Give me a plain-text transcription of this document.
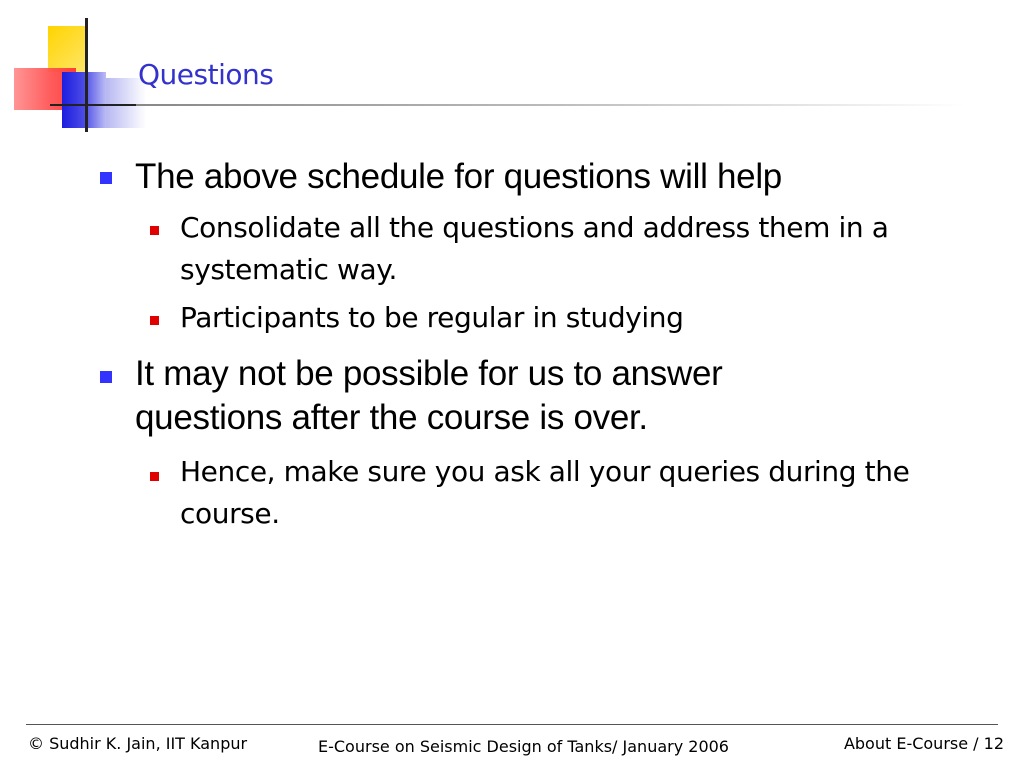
Questions
The above schedule for questions will help
Consolidate all the questions and address them in a systematic way.
Participants to be regular in studying
It may not be possible for us to answer questions after the course is over.
Hence, make sure you ask all your queries during the course.
© Sudhir K. Jain, IIT Kanpur	E-Course on Seismic Design of Tanks/ January 2006	About E-Course / 12
